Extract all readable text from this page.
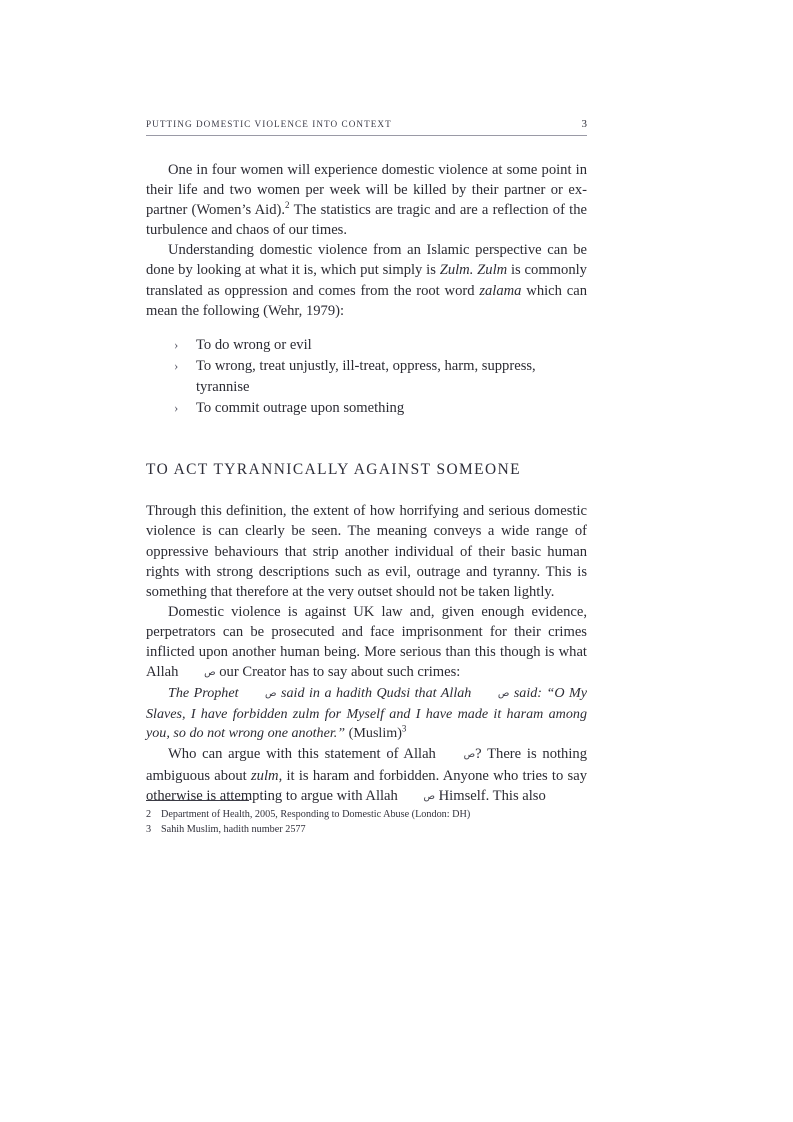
PUTTING DOMESTIC VIOLENCE INTO CONTEXT	3

One in four women will experience domestic violence at some point in their life and two women per week will be killed by their partner or ex-partner (Women’s Aid).$^2$ The statistics are tragic and are a reflection of the turbulence and chaos of our times.

Understanding domestic violence from an Islamic perspective can be done by looking at what it is, which put simply is Zulm. Zulm is commonly translated as oppression and comes from the root word zalama which can mean the following (Wehr, 1979):

› To do wrong or evil
› To wrong, treat unjustly, ill-treat, oppress, harm, suppress, tyrannise
› To commit outrage upon something
TO ACT TYRANNICALLY AGAINST SOMEONE

Through this definition, the extent of how horrifying and serious domestic violence is can clearly be seen. The meaning conveys a wide range of oppressive behaviours that strip another individual of their basic human rights with strong descriptions such as evil, outrage and tyranny. This is something that therefore at the very outset should not be taken lightly.

Domestic violence is against UK law and, given enough evidence, perpetrators can be prosecuted and face imprisonment for their crimes inflicted upon another human being. More serious than this though is what Allah ص our Creator has to say about such crimes:

The Prophet ص said in a hadith Qudsi that Allah ص said: “O My Slaves, I have forbidden zulm for Myself and I have made it haram among you, so do not wrong one another.” (Muslim)$^3$

Who can argue with this statement of Allah ص? There is nothing ambiguous about zulm, it is haram and forbidden. Anyone who tries to say otherwise is attempting to argue with Allah ص Himself. This also

2 Department of Health, 2005, Responding to Domestic Abuse (London: DH)
3 Sahih Muslim, hadith number 2577
